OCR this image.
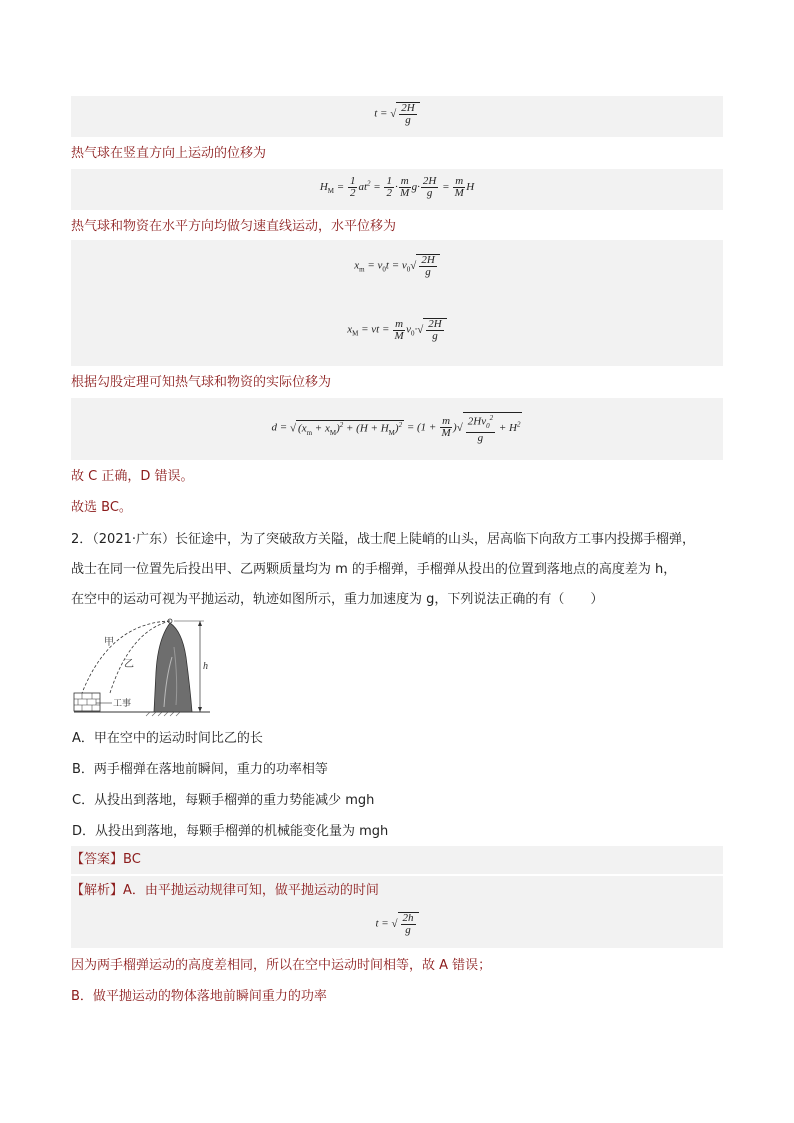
t = √ $\frac{2H}{g}$
热气球在竖直方向上运动的位移为
$H_M = \frac{1}{2} at^2 = \frac{1}{2} \cdot \frac{m}{M} g\cdot \frac{2H}{g} = \frac{m}{M}$ H
热气球和物资在水平方向均做匀速直线运动，水平位移为
$x_m = v_0t = v_0√ \frac{2H}{g}$
$x_M$ = vt = $\frac{m}{M} v_0\cdot√ \frac{2H}{g}$
根据勾股定理可知热气球和物资的实际位移为
d = √ $(x_m + x_M)^2 + (H + H_M)^2 = (1 + \frac{m}{M}$ )√ $\frac{2Hv_0^2}{g} + H^2$
故 C 正确，D 错误。
故选 BC。
2．（2021·广东）长征途中，为了突破敌方关隘，战士爬上陡峭的山头，居高临下向敌方工事内投掷手榴弹，
战士在同一位置先后投出甲、乙两颗质量均为 m 的手榴弹，手榴弹从投出的位置到落地点的高度差为 h，
在空中的运动可视为平抛运动，轨迹如图所示，重力加速度为 g，下列说法正确的有（　　）
甲
乙	h
工事
A．甲在空中的运动时间比乙的长
B．两手榴弹在落地前瞬间，重力的功率相等
C．从投出到落地，每颗手榴弹的重力势能减少 mgh
D．从投出到落地，每颗手榴弹的机械能变化量为 mgh
【答案】BC
【解析】A．由平抛运动规律可知，做平抛运动的时间
t = √ $\frac{2h}{g}$
因为两手榴弹运动的高度差相同，所以在空中运动时间相等，故 A 错误；
B．做平抛运动的物体落地前瞬间重力的功率
